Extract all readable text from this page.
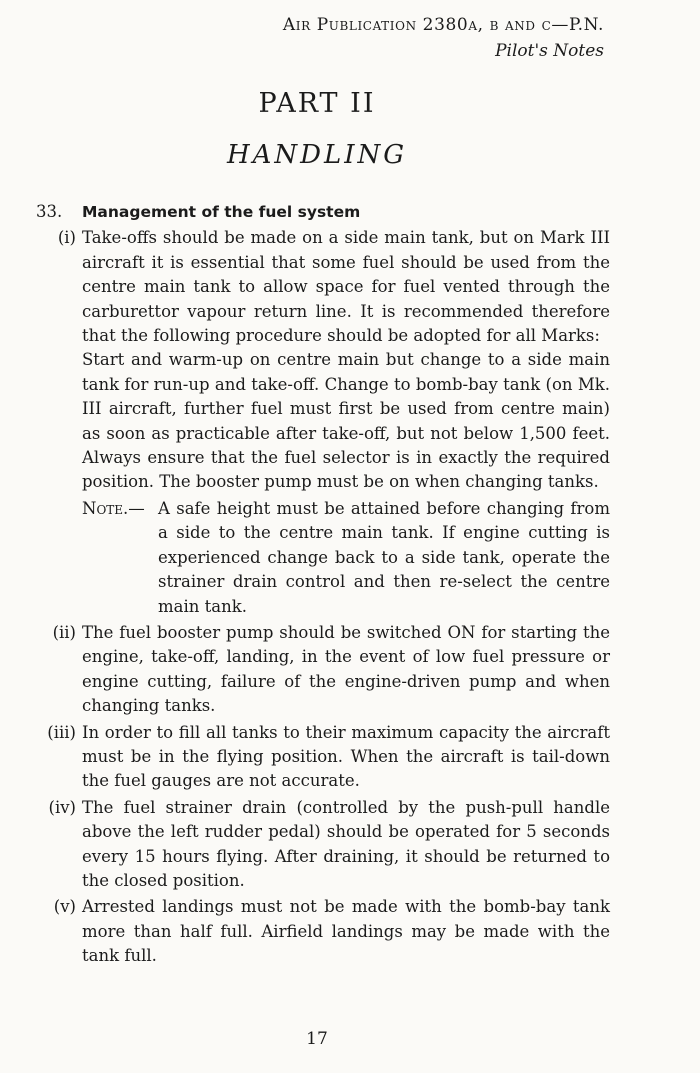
Air Publication 2380a, b and c—P.N.
Pilot's Notes
PART II
HANDLING
33.	Management of the fuel system
(i) Take-offs should be made on a side main tank, but on Mark III aircraft it is essential that some fuel should be used from the centre main tank to allow space for fuel vented through the carburettor vapour return line. It is recommended therefore that the following procedure should be adopted for all Marks:
Start and warm-up on centre main but change to a side main tank for run-up and take-off. Change to bomb-bay tank (on Mk. III aircraft, further fuel must first be used from centre main) as soon as practicable after take-off, but not below 1,500 feet. Always ensure that the fuel selector is in exactly the required position. The booster pump must be on when changing tanks.
Note.— A safe height must be attained before changing from a side to the centre main tank. If engine cutting is experienced change back to a side tank, operate the strainer drain control and then re-select the centre main tank.
(ii) The fuel booster pump should be switched ON for starting the engine, take-off, landing, in the event of low fuel pressure or engine cutting, failure of the engine-driven pump and when changing tanks.
(iii) In order to fill all tanks to their maximum capacity the aircraft must be in the flying position. When the aircraft is tail-down the fuel gauges are not accurate.
(iv) The fuel strainer drain (controlled by the push-pull handle above the left rudder pedal) should be operated for 5 seconds every 15 hours flying. After draining, it should be returned to the closed position.
(v) Arrested landings must not be made with the bomb-bay tank more than half full. Airfield landings may be made with the tank full.
17
